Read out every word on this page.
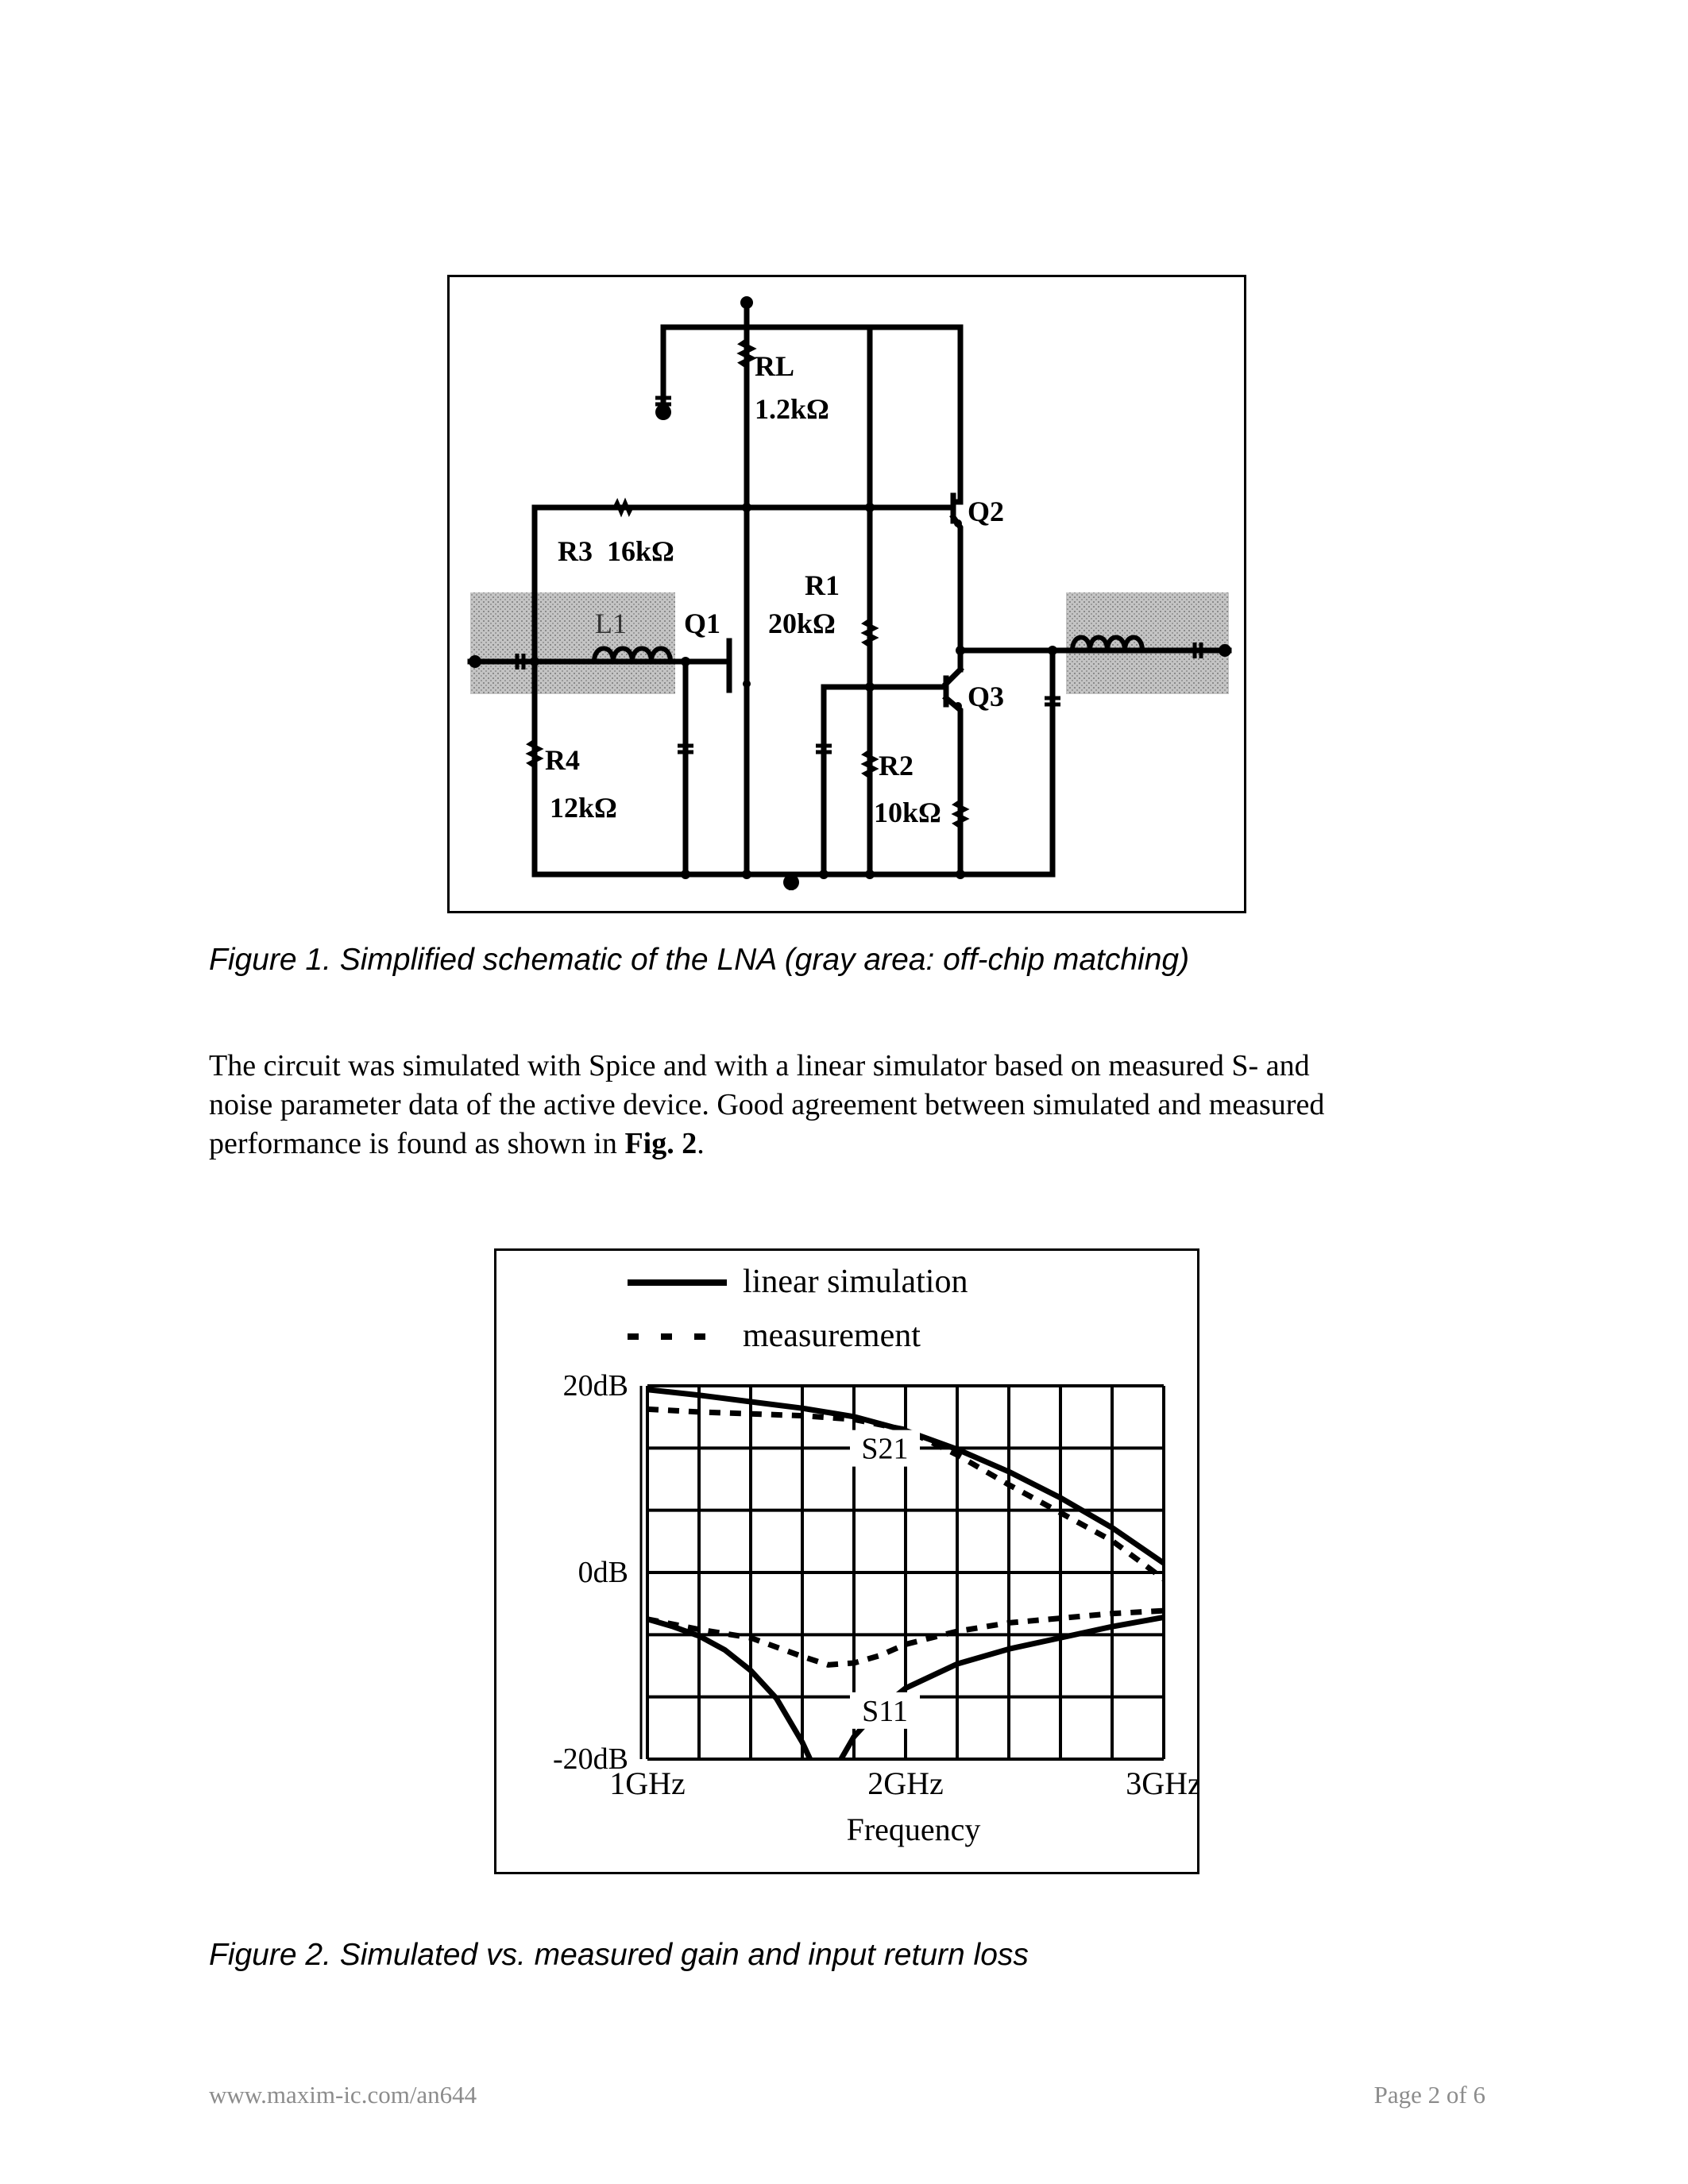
RL
1.2kΩ
Q2
R3  16kΩ
R1
20kΩ
L1 Q1
Q3
R4
12kΩ
R2
10kΩ
Figure 1. Simplified schematic of the LNA (gray area: off-chip matching)
The circuit was simulated with Spice and with a linear simulator based on measured S- and
noise parameter data of the active device. Good agreement between simulated and measured
performance is found as shown in Fig. 2.
20dB
0dB
-20dB
1GHz	2GHz	3GHz
Frequency
S21
S11
linear simulation
measurement
Figure 2. Simulated vs. measured gain and input return loss
www.maxim-ic.com/an644	Page 2 of 6
